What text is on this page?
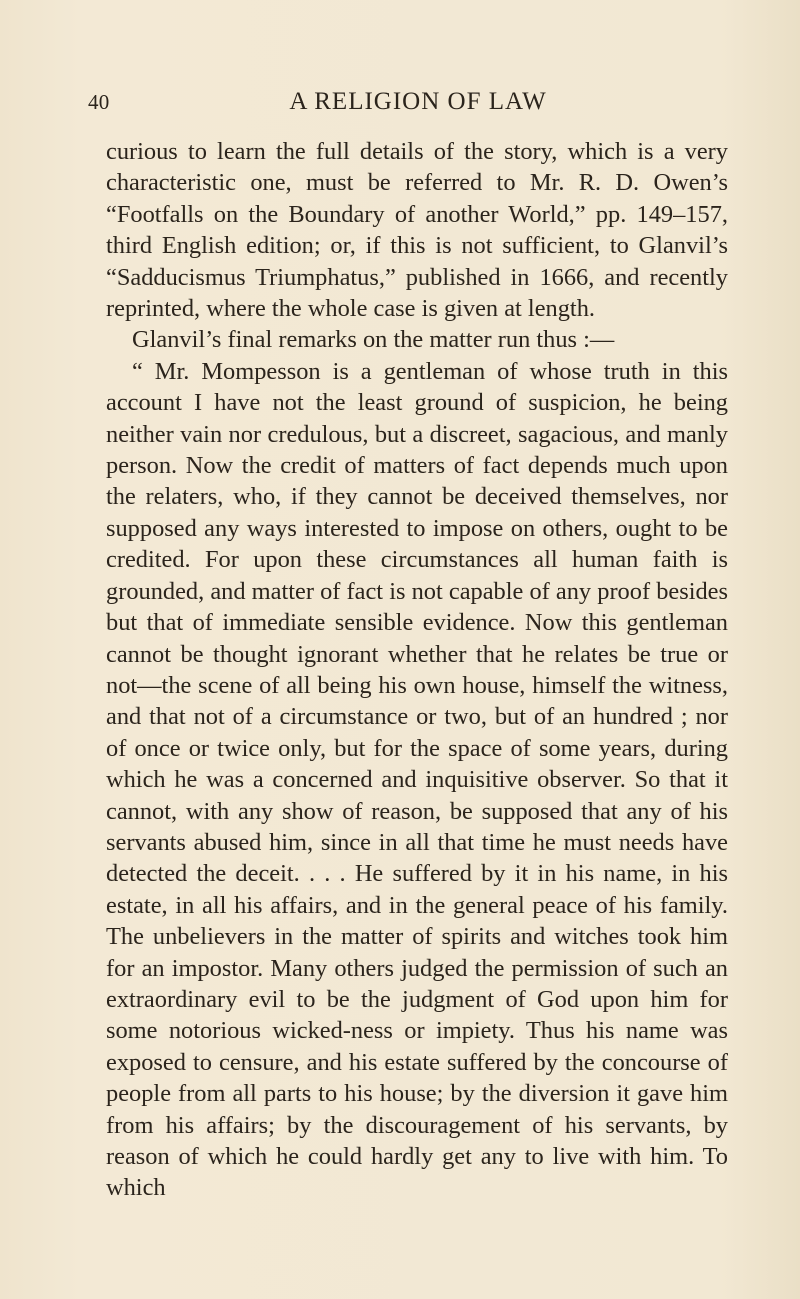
40	A RELIGION OF LAW

curious to learn the full details of the story, which is a very characteristic one, must be referred to Mr. R. D. Owen’s “Footfalls on the Boundary of another World,” pp. 149–157, third English edition; or, if this is not sufficient, to Glanvil’s “Sadducismus Triumphatus,” published in 1666, and recently reprinted, where the whole case is given at length.

Glanvil’s final remarks on the matter run thus :—

“ Mr. Mompesson is a gentleman of whose truth in this account I have not the least ground of suspicion, he being neither vain nor credulous, but a discreet, sagacious, and manly person. Now the credit of matters of fact depends much upon the relaters, who, if they cannot be deceived themselves, nor supposed any ways interested to impose on others, ought to be credited. For upon these circumstances all human faith is grounded, and matter of fact is not capable of any proof besides but that of immediate sensible evidence. Now this gentleman cannot be thought ignorant whether that he relates be true or not—the scene of all being his own house, himself the witness, and that not of a circumstance or two, but of an hundred ; nor of once or twice only, but for the space of some years, during which he was a concerned and inquisitive observer. So that it cannot, with any show of reason, be supposed that any of his servants abused him, since in all that time he must needs have detected the deceit. . . . He suffered by it in his name, in his estate, in all his affairs, and in the general peace of his family. The unbelievers in the matter of spirits and witches took him for an impostor. Many others judged the permission of such an extraordinary evil to be the judgment of God upon him for some notorious wicked-ness or impiety. Thus his name was exposed to censure, and his estate suffered by the concourse of people from all parts to his house; by the diversion it gave him from his affairs; by the discouragement of his servants, by reason of which he could hardly get any to live with him. To which
